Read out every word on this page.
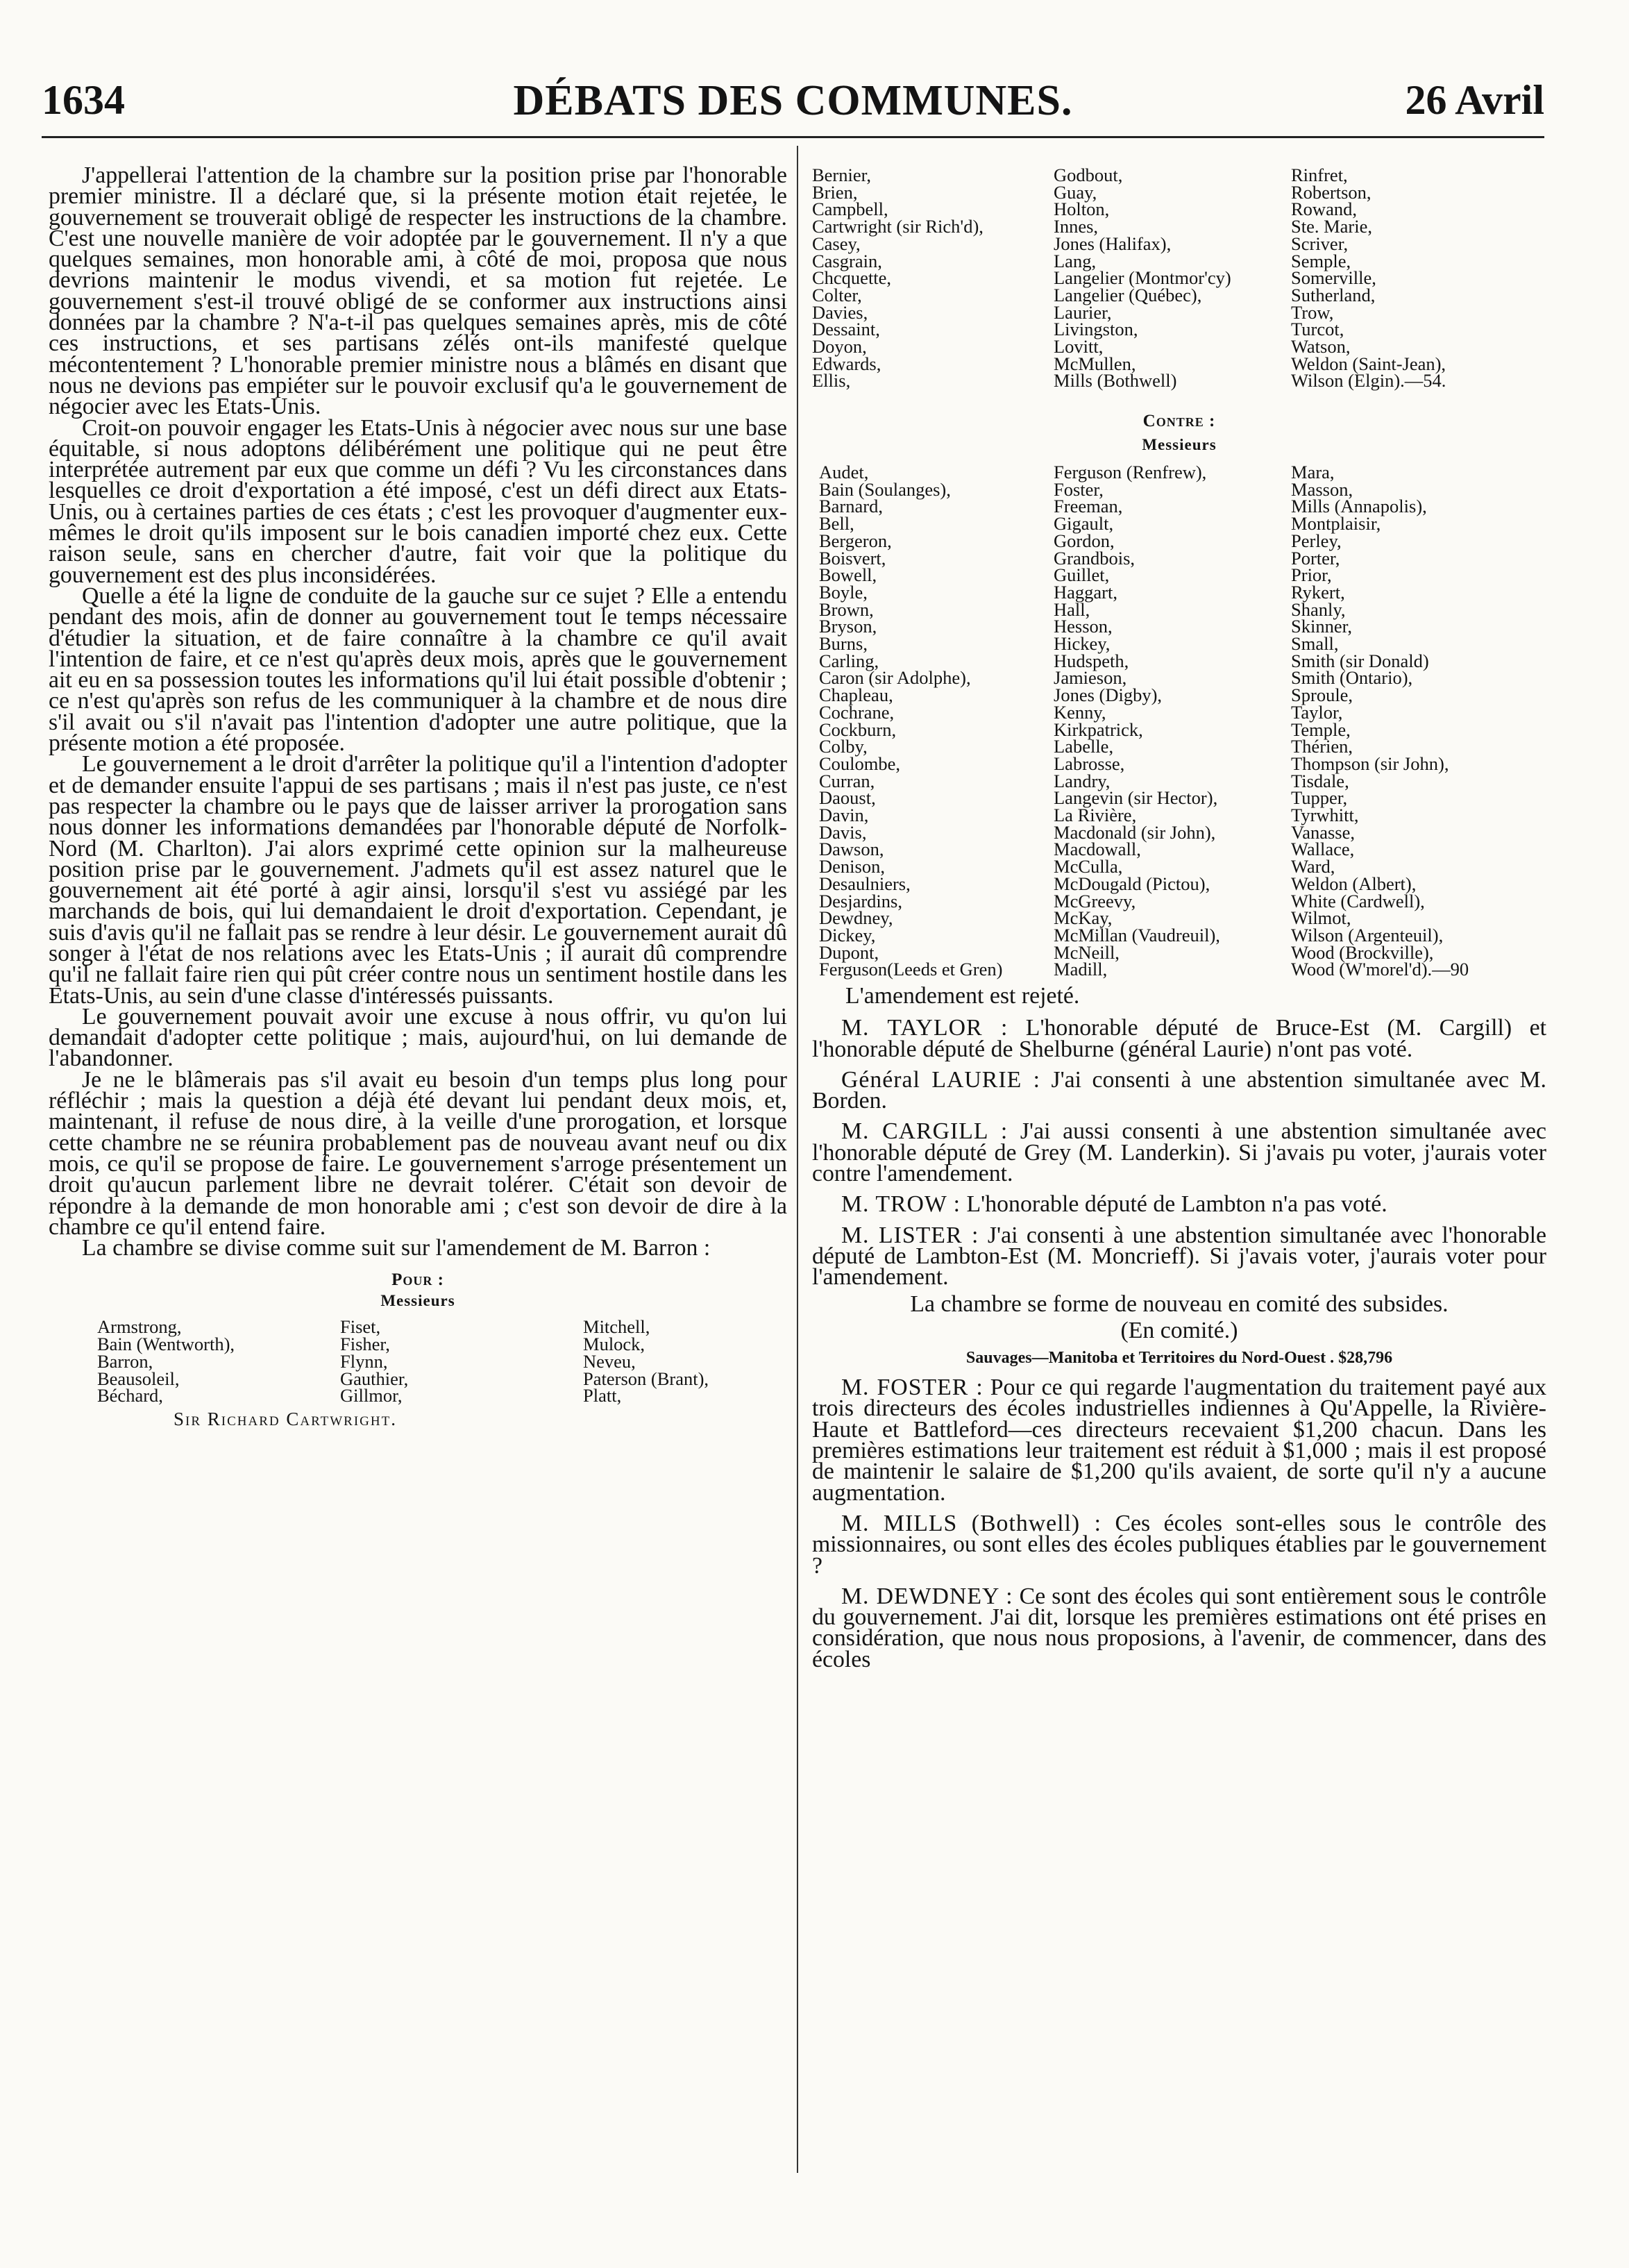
DÉBATS DES COMMUNES.
1634	26 Avril

J'appellerai l'attention de la chambre sur la position prise par l'honorable premier ministre. Il a déclaré que, si la présente motion était rejetée, le gouvernement se trouverait obligé de respecter les instructions de la chambre. C'est une nouvelle manière de voir adoptée par le gouvernement. Il n'y a que quelques semaines, mon honorable ami, à côté de moi, proposa que nous devrions maintenir le modus vivendi, et sa motion fut rejetée. Le gouvernement s'est-il trouvé obligé de se conformer aux instructions ainsi données par la chambre ? N'a-t-il pas quelques semaines après, mis de côté ces instructions, et ses partisans zélés ont-ils manifesté quelque mécontentement ? L'honorable premier ministre nous a blâmés en disant que nous ne devions pas empiéter sur le pouvoir exclusif qu'a le gouvernement de négocier avec les Etats-Unis.

Croit-on pouvoir engager les Etats-Unis à négocier avec nous sur une base équitable, si nous adoptons délibérément une politique qui ne peut être interprétée autrement par eux que comme un défi ? Vu les circonstances dans lesquelles ce droit d'exportation a été imposé, c'est un défi direct aux Etats-Unis, ou à certaines parties de ces états ; c'est les provoquer d'augmenter eux-mêmes le droit qu'ils imposent sur le bois canadien importé chez eux. Cette raison seule, sans en chercher d'autre, fait voir que la politique du gouvernement est des plus inconsidérées.

Quelle a été la ligne de conduite de la gauche sur ce sujet ? Elle a entendu pendant des mois, afin de donner au gouvernement tout le temps nécessaire d'étudier la situation, et de faire connaître à la chambre ce qu'il avait l'intention de faire, et ce n'est qu'après deux mois, après que le gouvernement ait eu en sa possession toutes les informations qu'il lui était possible d'obtenir ; ce n'est qu'après son refus de les communiquer à la chambre et de nous dire s'il avait ou s'il n'avait pas l'intention d'adopter une autre politique, que la présente motion a été proposée.

Le gouvernement a le droit d'arrêter la politique qu'il a l'intention d'adopter et de demander ensuite l'appui de ses partisans ; mais il n'est pas juste, ce n'est pas respecter la chambre ou le pays que de laisser arriver la prorogation sans nous donner les informations demandées par l'honorable député de Norfolk-Nord (M. Charlton). J'ai alors exprimé cette opinion sur la malheureuse position prise par le gouvernement. J'admets qu'il est assez naturel que le gouvernement ait été porté à agir ainsi, lorsqu'il s'est vu assiégé par les marchands de bois, qui lui demandaient le droit d'exportation. Cependant, je suis d'avis qu'il ne fallait pas se rendre à leur désir. Le gouvernement aurait dû songer à l'état de nos relations avec les Etats-Unis ; il aurait dû comprendre qu'il ne fallait faire rien qui pût créer contre nous un sentiment hostile dans les Etats-Unis, au sein d'une classe d'intéressés puissants.

Le gouvernement pouvait avoir une excuse à nous offrir, vu qu'on lui demandait d'adopter cette politique ; mais, aujourd'hui, on lui demande de l'abandonner.

Je ne le blâmerais pas s'il avait eu besoin d'un temps plus long pour réfléchir ; mais la question a déjà été devant lui pendant deux mois, et, maintenant, il refuse de nous dire, à la veille d'une prorogation, et lorsque cette chambre ne se réunira probablement pas de nouveau avant neuf ou dix mois, ce qu'il se propose de faire. Le gouvernement s'arroge présentement un droit qu'aucun parlement libre ne devrait tolérer. C'était son devoir de répondre à la demande de mon honorable ami ; c'est son devoir de dire à la chambre ce qu'il entend faire.

La chambre se divise comme suit sur l'amendement de M. Barron :

Pour :

Messieurs

Armstrong,	Fiset,	Mitchell,
Bain (Wentworth),	Fisher,	Mulock,
Barron,	Flynn,	Neveu,
Beausoleil,	Gauthier,	Paterson (Brant),
Béchard,	Gillmor,	Platt,
Sir Richard Cartwright.
Bernier,	Godbout,	Rinfret,
Brien,	Guay,	Robertson,
Campbell,	Holton,	Rowand,
Cartwright (sir Rich'd),	Innes,	Ste. Marie,
Casey,	Jones (Halifax),	Scriver,
Casgrain,	Lang,	Semple,
Chcquette,	Langelier (Montmor'cy)	Somerville,
Colter,	Langelier (Québec),	Sutherland,
Davies,	Laurier,	Trow,
Dessaint,	Livingston,	Turcot,
Doyon,	Lovitt,	Watson,
Edwards,	McMullen,	Weldon (Saint-Jean),
Ellis,	Mills (Bothwell)	Wilson (Elgin).—54.

Contre :

Messieurs

Audet,	Ferguson (Renfrew),	Mara,
Bain (Soulanges),	Foster,	Masson,
Barnard,	Freeman,	Mills (Annapolis),
Bell,	Gigault,	Montplaisir,
Bergeron,	Gordon,	Perley,
Boisvert,	Grandbois,	Porter,
Bowell,	Guillet,	Prior,
Boyle,	Haggart,	Rykert,
Brown,	Hall,	Shanly,
Bryson,	Hesson,	Skinner,
Burns,	Hickey,	Small,
Carling,	Hudspeth,	Smith (sir Donald)
Caron (sir Adolphe),	Jamieson,	Smith (Ontario),
Chapleau,	Jones (Digby),	Sproule,
Cochrane,	Kenny,	Taylor,
Cockburn,	Kirkpatrick,	Temple,
Colby,	Labelle,	Thérien,
Coulombe,	Labrosse,	Thompson (sir John),
Curran,	Landry,	Tisdale,
Daoust,	Langevin (sir Hector),	Tupper,
Davin,	La Rivière,	Tyrwhitt,
Davis,	Macdonald (sir John),	Vanasse,
Dawson,	Macdowall,	Wallace,
Denison,	McCulla,	Ward,
Desaulniers,	McDougald (Pictou),	Weldon (Albert),
Desjardins,	McGreevy,	White (Cardwell),
Dewdney,	McKay,	Wilmot,
Dickey,	McMillan (Vaudreuil),	Wilson (Argenteuil),
Dupont,	McNeill,	Wood (Brockville),
Ferguson(Leeds et Gren)	Madill,	Wood (W'morel'd).—90

L'amendement est rejeté.

M. TAYLOR : L'honorable député de Bruce-Est (M. Cargill) et l'honorable député de Shelburne (général Laurie) n'ont pas voté.

Général LAURIE : J'ai consenti à une abstention simultanée avec M. Borden.

M. CARGILL : J'ai aussi consenti à une abstention simultanée avec l'honorable député de Grey (M. Landerkin). Si j'avais pu voter, j'aurais voter contre l'amendement.

M. TROW : L'honorable député de Lambton n'a pas voté.

M. LISTER : J'ai consenti à une abstention simultanée avec l'honorable député de Lambton-Est (M. Moncrieff). Si j'avais voter, j'aurais voter pour l'amendement.

La chambre se forme de nouveau en comité des subsides.

(En comité.)

Sauvages—Manitoba et Territoires du Nord-Ouest . $28,796

M. FOSTER : Pour ce qui regarde l'augmentation du traitement payé aux trois directeurs des écoles industrielles indiennes à Qu'Appelle, la Rivière-Haute et Battleford—ces directeurs recevaient $1,200 chacun. Dans les premières estimations leur traitement est réduit à $1,000 ; mais il est proposé de maintenir le salaire de $1,200 qu'ils avaient, de sorte qu'il n'y a aucune augmentation.

M. MILLS (Bothwell) : Ces écoles sont-elles sous le contrôle des missionnaires, ou sont elles des écoles publiques établies par le gouvernement ?

M. DEWDNEY : Ce sont des écoles qui sont entièrement sous le contrôle du gouvernement. J'ai dit, lorsque les premières estimations ont été prises en considération, que nous nous proposions, à l'avenir, de commencer, dans des écoles
